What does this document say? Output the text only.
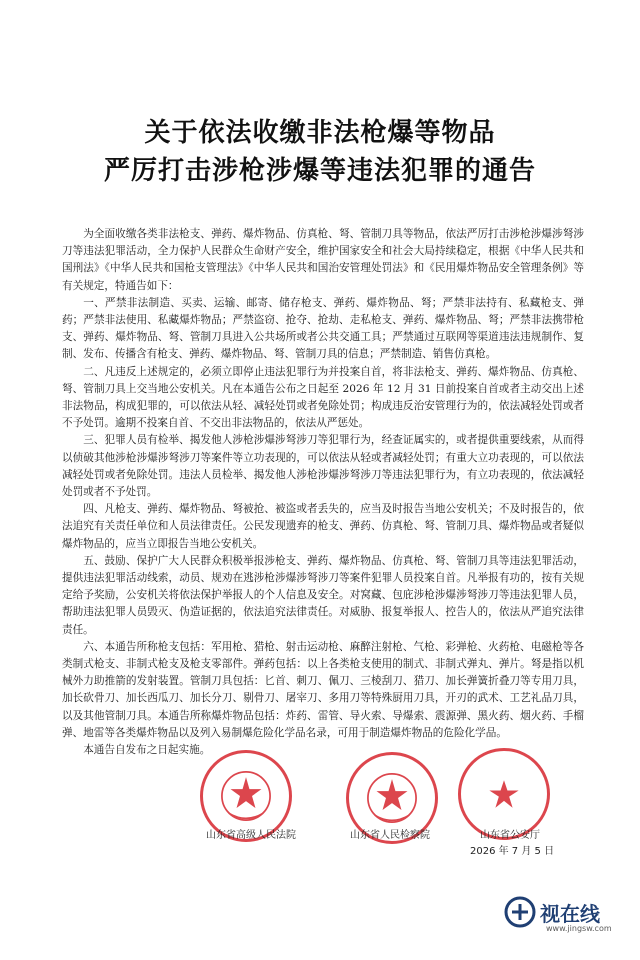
关于依法收缴非法枪爆等物品
严厉打击涉枪涉爆等违法犯罪的通告

为全面收缴各类非法枪支、弹药、爆炸物品、仿真枪、弩、管制刀具等物品，依法严厉打击涉枪涉爆涉弩涉刀等违法犯罪活动，全力保护人民群众生命财产安全，维护国家安全和社会大局持续稳定，根据《中华人民共和国刑法》《中华人民共和国枪支管理法》《中华人民共和国治安管理处罚法》和《民用爆炸物品安全管理条例》等有关规定，特通告如下：

一、严禁非法制造、买卖、运输、邮寄、储存枪支、弹药、爆炸物品、弩；严禁非法持有、私藏枪支、弹药；严禁非法使用、私藏爆炸物品；严禁盗窃、抢夺、抢劫、走私枪支、弹药、爆炸物品、弩；严禁非法携带枪支、弹药、爆炸物品、弩、管制刀具进入公共场所或者公共交通工具；严禁通过互联网等渠道违法违规制作、复制、发布、传播含有枪支、弹药、爆炸物品、弩、管制刀具的信息；严禁制造、销售仿真枪。

二、凡违反上述规定的，必须立即停止违法犯罪行为并投案自首，将非法枪支、弹药、爆炸物品、仿真枪、弩、管制刀具上交当地公安机关。凡在本通告公布之日起至 2026 年 12 月 31 日前投案自首或者主动交出上述非法物品，构成犯罪的，可以依法从轻、减轻处罚或者免除处罚；构成违反治安管理行为的，依法减轻处罚或者不予处罚。逾期不投案自首、不交出非法物品的，依法从严惩处。

三、犯罪人员有检举、揭发他人涉枪涉爆涉弩涉刀等犯罪行为，经查证属实的，或者提供重要线索，从而得以侦破其他涉枪涉爆涉弩涉刀等案件等立功表现的，可以依法从轻或者减轻处罚；有重大立功表现的，可以依法减轻处罚或者免除处罚。违法人员检举、揭发他人涉枪涉爆涉弩涉刀等违法犯罪行为，有立功表现的，依法减轻处罚或者不予处罚。

四、凡枪支、弹药、爆炸物品、弩被抢、被盗或者丢失的，应当及时报告当地公安机关；不及时报告的，依法追究有关责任单位和人员法律责任。公民发现遗弃的枪支、弹药、仿真枪、弩、管制刀具、爆炸物品或者疑似爆炸物品的，应当立即报告当地公安机关。

五、鼓励、保护广大人民群众积极举报涉枪支、弹药、爆炸物品、仿真枪、弩、管制刀具等违法犯罪活动，提供违法犯罪活动线索，动员、规劝在逃涉枪涉爆涉弩涉刀等案件犯罪人员投案自首。凡举报有功的，按有关规定给予奖励，公安机关将依法保护举报人的个人信息及安全。对窝藏、包庇涉枪涉爆涉弩涉刀等违法犯罪人员，帮助违法犯罪人员毁灭、伪造证据的，依法追究法律责任。对威胁、报复举报人、控告人的，依法从严追究法律责任。

六、本通告所称枪支包括：军用枪、猎枪、射击运动枪、麻醉注射枪、气枪、彩弹枪、火药枪、电磁枪等各类制式枪支、非制式枪支及枪支零部件。弹药包括：以上各类枪支使用的制式、非制式弹丸、弹片。弩是指以机械外力助推箭的发射装置。管制刀具包括：匕首、刺刀、佩刀、三棱刮刀、猎刀、加长弹簧折叠刀等专用刀具，加长砍骨刀、加长西瓜刀、加长分刀、剔骨刀、屠宰刀、多用刀等特殊厨用刀具，开刃的武术、工艺礼品刀具，以及其他管制刀具。本通告所称爆炸物品包括：炸药、雷管、导火索、导爆索、震源弹、黑火药、烟火药、手榴弹、地雷等各类爆炸物品以及列入易制爆危险化学品名录，可用于制造爆炸物品的危险化学品。

本通告自发布之日起实施。

山东省高级人民法院	山东省人民检察院	山东省公安厅
2026 年 7 月 5 日
视在线
www.jingsw.com
